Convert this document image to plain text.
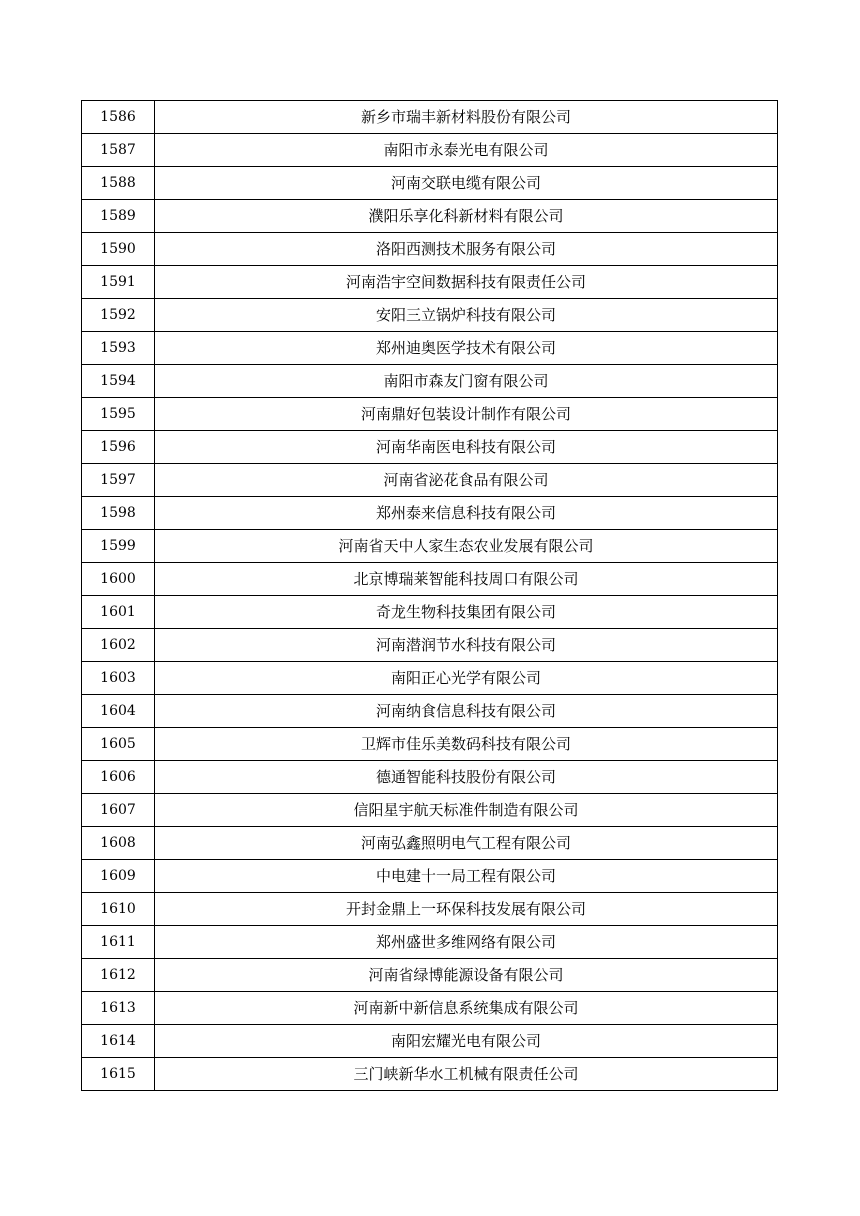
1586	新乡市瑞丰新材料股份有限公司
1587	南阳市永泰光电有限公司
1588	河南交联电缆有限公司
1589	濮阳乐享化科新材料有限公司
1590	洛阳西测技术服务有限公司
1591	河南浩宇空间数据科技有限责任公司
1592	安阳三立锅炉科技有限公司
1593	郑州迪奥医学技术有限公司
1594	南阳市森友门窗有限公司
1595	河南鼎好包装设计制作有限公司
1596	河南华南医电科技有限公司
1597	河南省泌花食品有限公司
1598	郑州泰来信息科技有限公司
1599	河南省天中人家生态农业发展有限公司
1600	北京博瑞莱智能科技周口有限公司
1601	奇龙生物科技集团有限公司
1602	河南潜润节水科技有限公司
1603	南阳正心光学有限公司
1604	河南纳食信息科技有限公司
1605	卫辉市佳乐美数码科技有限公司
1606	德通智能科技股份有限公司
1607	信阳星宇航天标准件制造有限公司
1608	河南弘鑫照明电气工程有限公司
1609	中电建十一局工程有限公司
1610	开封金鼎上一环保科技发展有限公司
1611	郑州盛世多维网络有限公司
1612	河南省绿博能源设备有限公司
1613	河南新中新信息系统集成有限公司
1614	南阳宏耀光电有限公司
1615	三门峡新华水工机械有限责任公司
